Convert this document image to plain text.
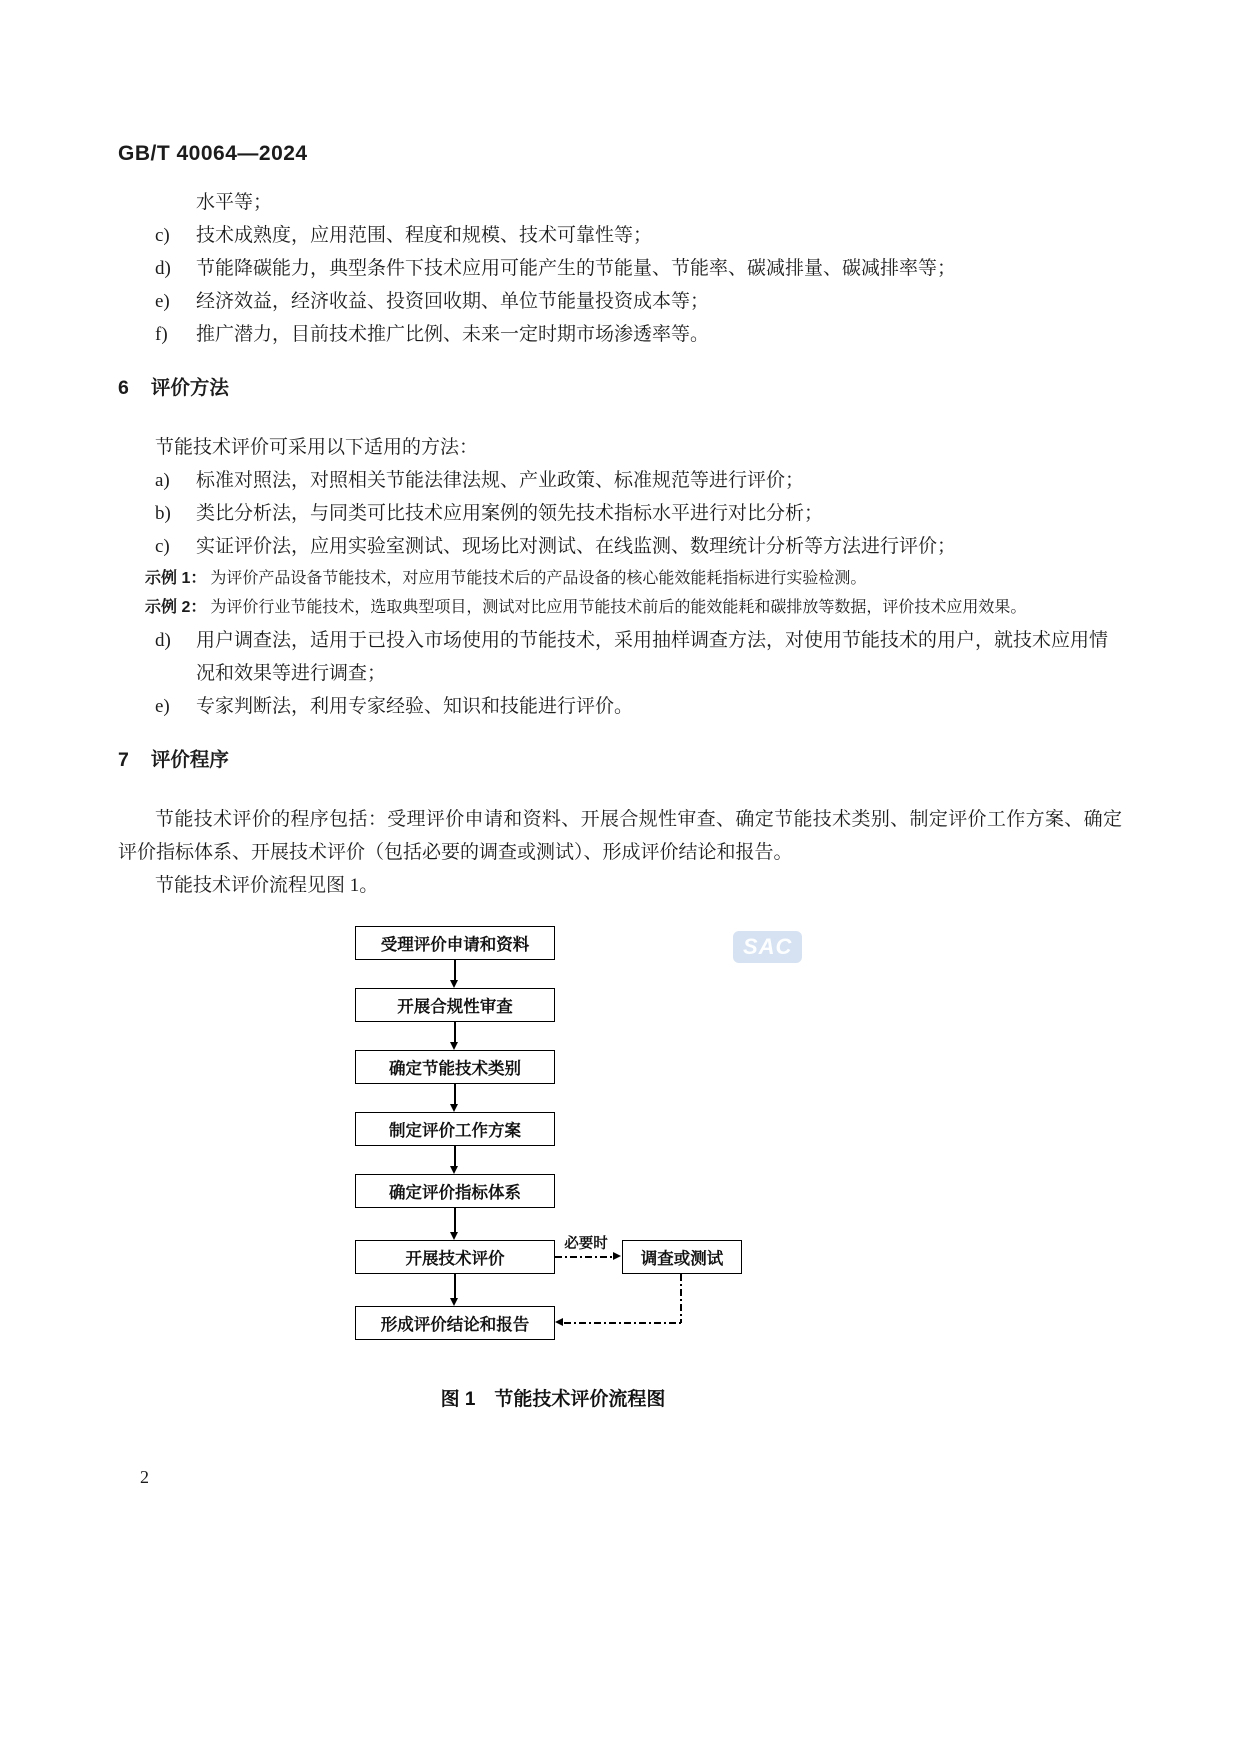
GB/T 40064—2024

水平等；

c)	技术成熟度，应用范围、程度和规模、技术可靠性等；
d)	节能降碳能力，典型条件下技术应用可能产生的节能量、节能率、碳减排量、碳减排率等；
e)	经济效益，经济收益、投资回收期、单位节能量投资成本等；
f)	推广潜力，目前技术推广比例、未来一定时期市场渗透率等。
6 评价方法

节能技术评价可采用以下适用的方法：

a)	标准对照法，对照相关节能法律法规、产业政策、标准规范等进行评价；
b)	类比分析法，与同类可比技术应用案例的领先技术指标水平进行对比分析；
c)	实证评价法，应用实验室测试、现场比对测试、在线监测、数理统计分析等方法进行评价；

示例 1： 为评价产品设备节能技术，对应用节能技术后的产品设备的核心能效能耗指标进行实验检测。

示例 2： 为评价行业节能技术，选取典型项目，测试对比应用节能技术前后的能效能耗和碳排放等数据，评价技术应用效果。

d)	用户调查法，适用于已投入市场使用的节能技术，采用抽样调查方法，对使用节能技术的用户，就技术应用情况和效果等进行调查；
e)	专家判断法，利用专家经验、知识和技能进行评价。
7 评价程序

节能技术评价的程序包括：受理评价申请和资料、开展合规性审查、确定节能技术类别、制定评价工作方案、确定评价指标体系、开展技术评价（包括必要的调查或测试）、形成评价结论和报告。

节能技术评价流程见图 1。

受理评价申请和资料
开展合规性审查
确定节能技术类别
制定评价工作方案
确定评价指标体系
开展技术评价
形成评价结论和报告
必要时
调查或测试
图 1　节能技术评价流程图
SAC
2
